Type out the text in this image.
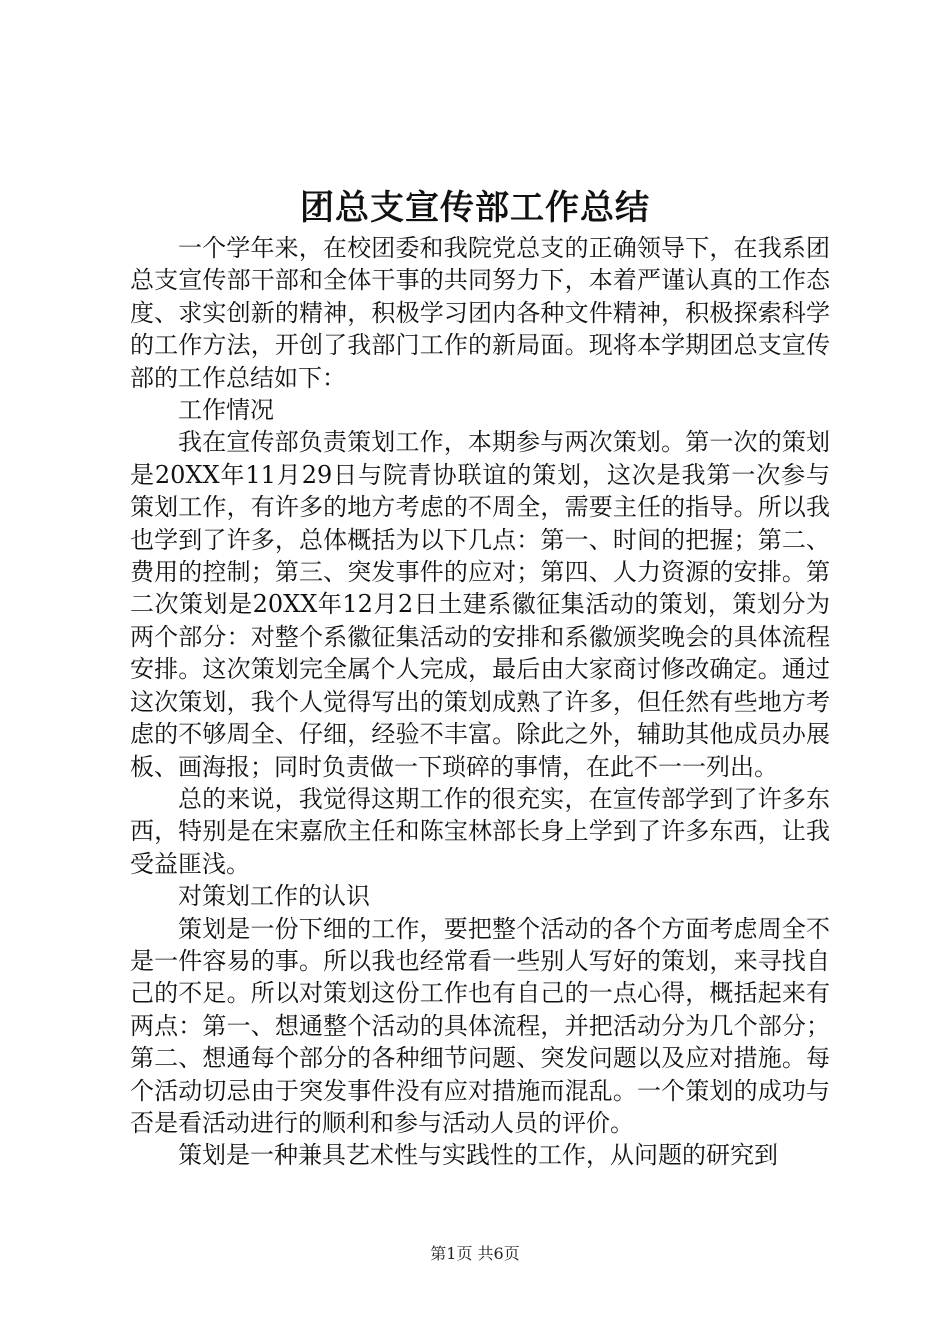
团总支宣传部工作总结

一个学年来，在校团委和我院党总支的正确领导下，在我系团总支宣传部干部和全体干事的共同努力下，本着严谨认真的工作态度、求实创新的精神，积极学习团内各种文件精神，积极探索科学的工作方法，开创了我部门工作的新局面。现将本学期团总支宣传部的工作总结如下：

工作情况

我在宣传部负责策划工作，本期参与两次策划。第一次的策划是20XX年11月29日与院青协联谊的策划，这次是我第一次参与策划工作，有许多的地方考虑的不周全，需要主任的指导。所以我也学到了许多，总体概括为以下几点：第一、时间的把握；第二、费用的控制；第三、突发事件的应对；第四、人力资源的安排。第二次策划是20XX年12月2日土建系徽征集活动的策划，策划分为两个部分：对整个系徽征集活动的安排和系徽颁奖晚会的具体流程安排。这次策划完全属个人完成，最后由大家商讨修改确定。通过这次策划，我个人觉得写出的策划成熟了许多，但任然有些地方考虑的不够周全、仔细，经验不丰富。除此之外，辅助其他成员办展板、画海报；同时负责做一下琐碎的事情，在此不一一列出。

总的来说，我觉得这期工作的很充实，在宣传部学到了许多东西，特别是在宋嘉欣主任和陈宝林部长身上学到了许多东西，让我受益匪浅。

对策划工作的认识

策划是一份下细的工作，要把整个活动的各个方面考虑周全不是一件容易的事。所以我也经常看一些别人写好的策划，来寻找自己的不足。所以对策划这份工作也有自己的一点心得，概括起来有两点：第一、想通整个活动的具体流程，并把活动分为几个部分；第二、想通每个部分的各种细节问题、突发问题以及应对措施。每个活动切忌由于突发事件没有应对措施而混乱。一个策划的成功与否是看活动进行的顺利和参与活动人员的评价。

策划是一种兼具艺术性与实践性的工作，从问题的研究到

第1页 共6页
